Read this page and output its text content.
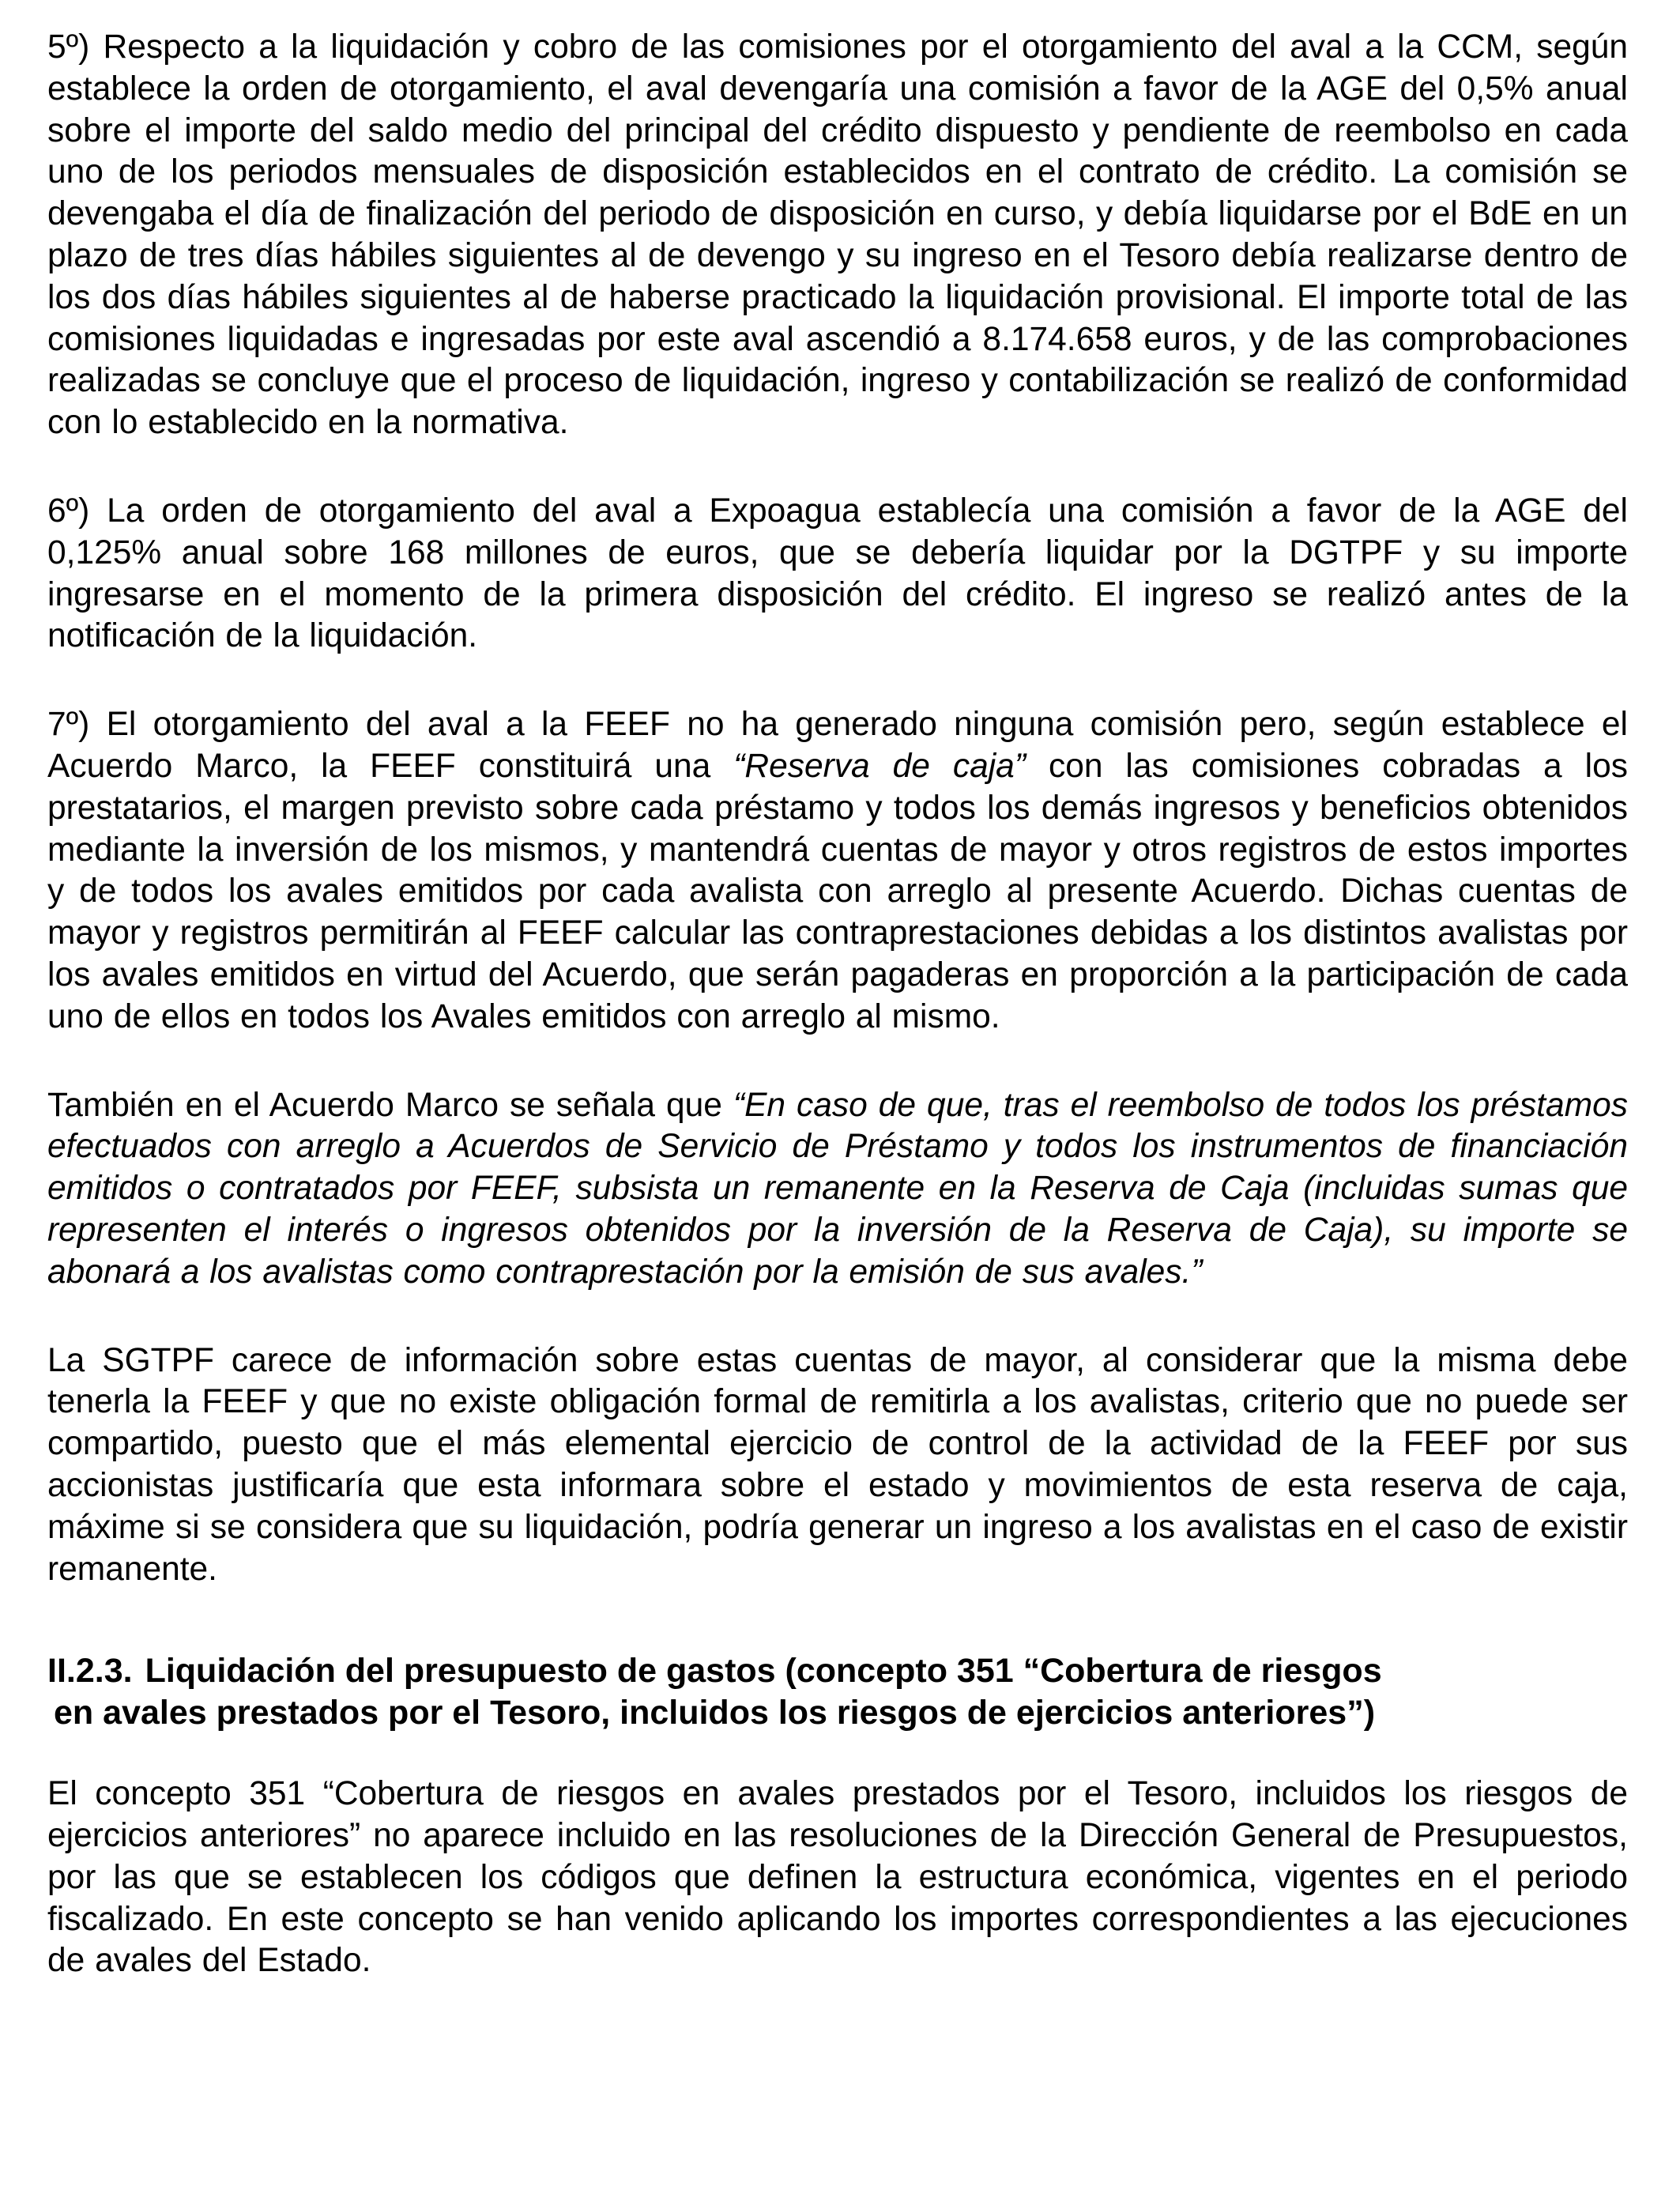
5º) Respecto a la liquidación y cobro de las comisiones por el otorgamiento del aval a la CCM, según establece la orden de otorgamiento, el aval devengaría una comisión a favor de la AGE del 0,5% anual sobre el importe del saldo medio del principal del crédito dispuesto y pendiente de reembolso en cada uno de los periodos mensuales de disposición establecidos en el contrato de crédito. La comisión se devengaba el día de finalización del periodo de disposición en curso, y debía liquidarse por el BdE en un plazo de tres días hábiles siguientes al de devengo y su ingreso en el Tesoro debía realizarse dentro de los dos días hábiles siguientes al de haberse practicado la liquidación provisional. El importe total de las comisiones liquidadas e ingresadas por este aval ascendió a 8.174.658 euros, y de las comprobaciones realizadas se concluye que el proceso de liquidación, ingreso y contabilización se realizó de conformidad con lo establecido en la normativa.

6º) La orden de otorgamiento del aval a Expoagua establecía una comisión a favor de la AGE del 0,125% anual sobre 168 millones de euros, que se debería liquidar por la DGTPF y su importe ingresarse en el momento de la primera disposición del crédito. El ingreso se realizó antes de la notificación de la liquidación.

7º) El otorgamiento del aval a la FEEF no ha generado ninguna comisión pero, según establece el Acuerdo Marco, la FEEF constituirá una “Reserva de caja” con las comisiones cobradas a los prestatarios, el margen previsto sobre cada préstamo y todos los demás ingresos y beneficios obtenidos mediante la inversión de los mismos, y mantendrá cuentas de mayor y otros registros de estos importes y de todos los avales emitidos por cada avalista con arreglo al presente Acuerdo. Dichas cuentas de mayor y registros permitirán al FEEF calcular las contraprestaciones debidas a los distintos avalistas por los avales emitidos en virtud del Acuerdo, que serán pagaderas en proporción a la participación de cada uno de ellos en todos los Avales emitidos con arreglo al mismo.

También en el Acuerdo Marco se señala que “En caso de que, tras el reembolso de todos los préstamos efectuados con arreglo a Acuerdos de Servicio de Préstamo y todos los instrumentos de financiación emitidos o contratados por FEEF, subsista un remanente en la Reserva de Caja (incluidas sumas que representen el interés o ingresos obtenidos por la inversión de la Reserva de Caja), su importe se abonará a los avalistas como contraprestación por la emisión de sus avales.”

La SGTPF carece de información sobre estas cuentas de mayor, al considerar que la misma debe tenerla la FEEF y que no existe obligación formal de remitirla a los avalistas, criterio que no puede ser compartido, puesto que el más elemental ejercicio de control de la actividad de la FEEF por sus accionistas justificaría que esta informara sobre el estado y movimientos de esta reserva de caja, máxime si se considera que su liquidación, podría generar un ingreso a los avalistas en el caso de existir remanente.

II.2.3. Liquidación del presupuesto de gastos (concepto 351 “Cobertura de riesgos
en avales prestados por el Tesoro, incluidos los riesgos de ejercicios anteriores”)

El concepto 351 “Cobertura de riesgos en avales prestados por el Tesoro, incluidos los riesgos de ejercicios anteriores” no aparece incluido en las resoluciones de la Dirección General de Presupuestos, por las que se establecen los códigos que definen la estructura económica, vigentes en el periodo fiscalizado. En este concepto se han venido aplicando los importes correspondientes a las ejecuciones de avales del Estado.
